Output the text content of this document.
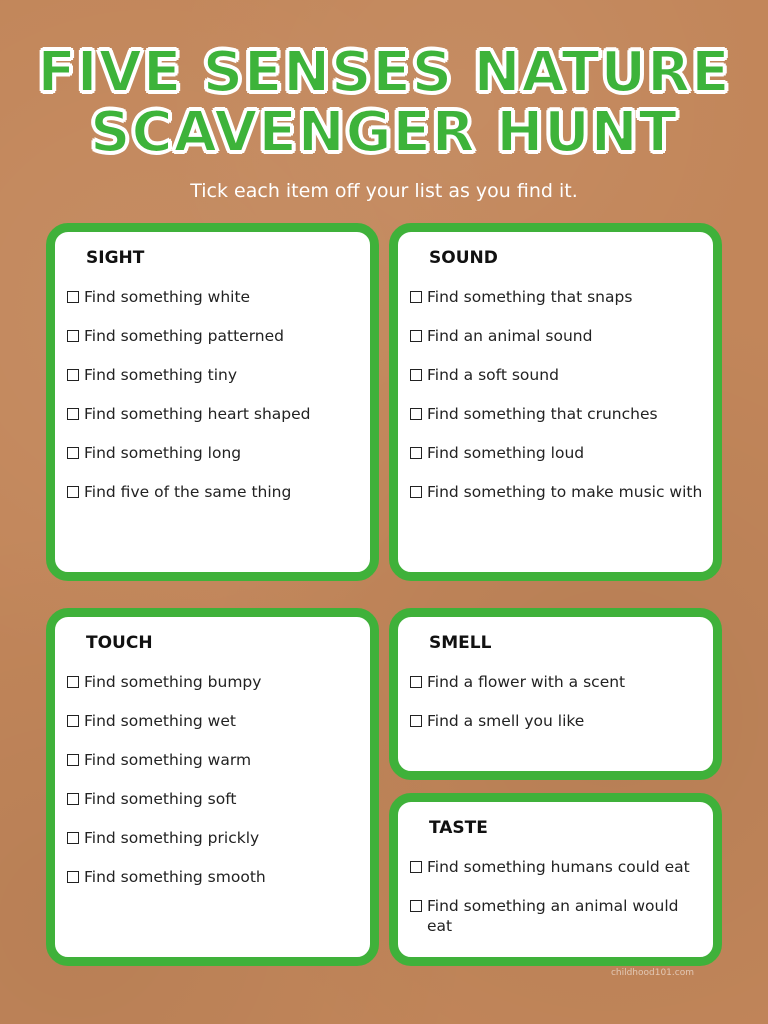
FIVE SENSES NATURE
SCAVENGER HUNT

Tick each item off your list as you find it.

SIGHT
Find something white
Find something patterned
Find something tiny
Find something heart shaped
Find something long
Find five of the same thing
SOUND
Find something that snaps
Find an animal sound
Find a soft sound
Find something that crunches
Find something loud
Find something to make music with
TOUCH
Find something bumpy
Find something wet
Find something warm
Find something soft
Find something prickly
Find something smooth
SMELL
Find a flower with a scent
Find a smell you like
TASTE
Find something humans could eat
Find something an animal would eat

childhood101.com
